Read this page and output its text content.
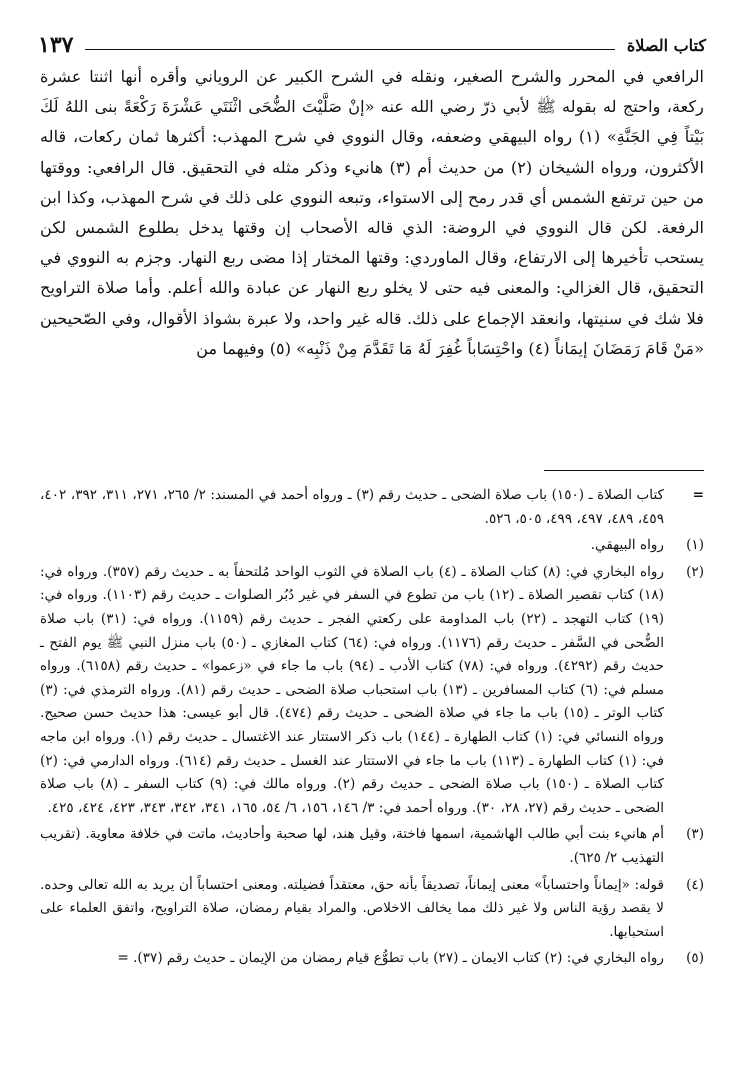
كتاب الصلاة
١٣٧

الرافعي في المحرر والشرح الصغير، ونقله في الشرح الكبير عن الروياني وأقره أنها اثنتا عشرة ركعة، واحتج له بقوله ﷺ لأبي ذرّ رضي الله عنه «إنْ صَلَّيْتَ الضُّحَى اثْنَتَي عَشْرَةَ رَكْعَةً بنى اللهُ لَكَ بَيْتاً فِي الجَنَّةِ» (١) رواه البيهقي وضعفه، وقال النووي في شرح المهذب: أكثرها ثمان ركعات، قاله الأكثرون، ورواه الشيخان (٢) من حديث أم (٣) هانيء وذكر مثله في التحقيق. قال الرافعي: ووقتها من حين ترتفع الشمس أي قدر رمح إلى الاستواء، وتبعه النووي على ذلك في شرح المهذب، وكذا ابن الرفعة. لكن قال النووي في الروضة: الذي قاله الأصحاب إن وقتها يدخل بطلوع الشمس لكن يستحب تأخيرها إلى الارتفاع، وقال الماوردي: وقتها المختار إذا مضى ربع النهار. وجزم به النووي في التحقيق، قال الغزالي: والمعنى فيه حتى لا يخلو ربع النهار عن عبادة والله أعلم. وأما صلاة التراويح فلا شك في سنيتها، وانعقد الإجماع على ذلك. قاله غير واحد، ولا عبرة بشواذ الأقوال، وفي الصّحيحين «مَنْ قَامَ رَمَضَانَ إيمَاناً (٤) واحْتِسَاباً غُفِرَ لَهُ مَا تَقَدَّمَ مِنْ ذَنْبِه» (٥) وفيهما من

=
كتاب الصلاة ـ (١٥٠) باب صلاة الضحى ـ حديث رقم (٣) ـ ورواه أحمد في المسند: ٢/ ٢٦٥، ٢٧١، ٣١١، ٣٩٢، ٤٠٢، ٤٥٩، ٤٨٩، ٤٩٧، ٤٩٩، ٥٠٥، ٥٢٦.
(١)
رواه البيهقي.
(٢)
رواه البخاري في: (٨) كتاب الصلاة ـ (٤) باب الصلاة في الثوب الواحد مُلتحفاً به ـ حديث رقم (٣٥٧). ورواه في: (١٨) كتاب تقصير الصلاة ـ (١٢) باب من تطوع في السفر في غير دُبُر الصلوات ـ حديث رقم (١١٠٣). ورواه في: (١٩) كتاب التهجد ـ (٢٢) باب المداومة على ركعتي الفجر ـ حديث رقم (١١٥٩). ورواه في: (٣١) باب صلاة الضُّحى في السَّفر ـ حديث رقم (١١٧٦). ورواه في: (٦٤) كتاب المغازي ـ (٥٠) باب منزل النبي ﷺ يوم الفتح ـ حديث رقم (٤٢٩٢). ورواه في: (٧٨) كتاب الأدب ـ (٩٤) باب ما جاء في «زعموا» ـ حديث رقم (٦١٥٨). ورواه مسلم في: (٦) كتاب المسافرين ـ (١٣) باب استحباب صلاة الضحى ـ حديث رقم (٨١). ورواه الترمذي في: (٣) كتاب الوتر ـ (١٥) باب ما جاء في صلاة الضحى ـ حديث رقم (٤٧٤). قال أبو عيسى: هذا حديث حسن صحيح. ورواه النسائي في: (١) كتاب الطهارة ـ (١٤٤) باب ذكر الاستتار عند الاغتسال ـ حديث رقم (١). ورواه ابن ماجه في: (١) كتاب الطهارة ـ (١١٣) باب ما جاء في الاستتار عند الغسل ـ حديث رقم (٦١٤). ورواه الدارمي في: (٢) كتاب الصلاة ـ (١٥٠) باب صلاة الضحى ـ حديث رقم (٢). ورواه مالك في: (٩) كتاب السفر ـ (٨) باب صلاة الضحى ـ حديث رقم (٢٧، ٢٨، ٣٠). ورواه أحمد في: ٣/ ١٤٦، ١٥٦، ٦/ ٥٤، ١٦٥، ٣٤١، ٣٤٢، ٣٤٣، ٤٢٣، ٤٢٤، ٤٢٥.
(٣)
أم هانيء بنت أبي طالب الهاشمية، اسمها فاختة، وقيل هند، لها صحبة وأحاديث، ماتت في خلافة معاوية. (تقريب التهذيب ٢/ ٦٢٥).
(٤)
قوله: «إيماناً واحتساباً» معنى إيماناً، تصديقاً بأنه حق، معتقداً فضيلته. ومعنى احتساباً أن يريد به الله تعالى وحده. لا يقصد رؤية الناس ولا غير ذلك مما يخالف الاخلاص. والمراد بقيام رمضان، صلاة التراويح، واتفق العلماء على استحبابها.
(٥)
رواه البخاري في: (٢) كتاب الايمان ـ (٢٧) باب تطوُّع قيام رمضان من الإيمان ـ حديث رقم (٣٧). =
